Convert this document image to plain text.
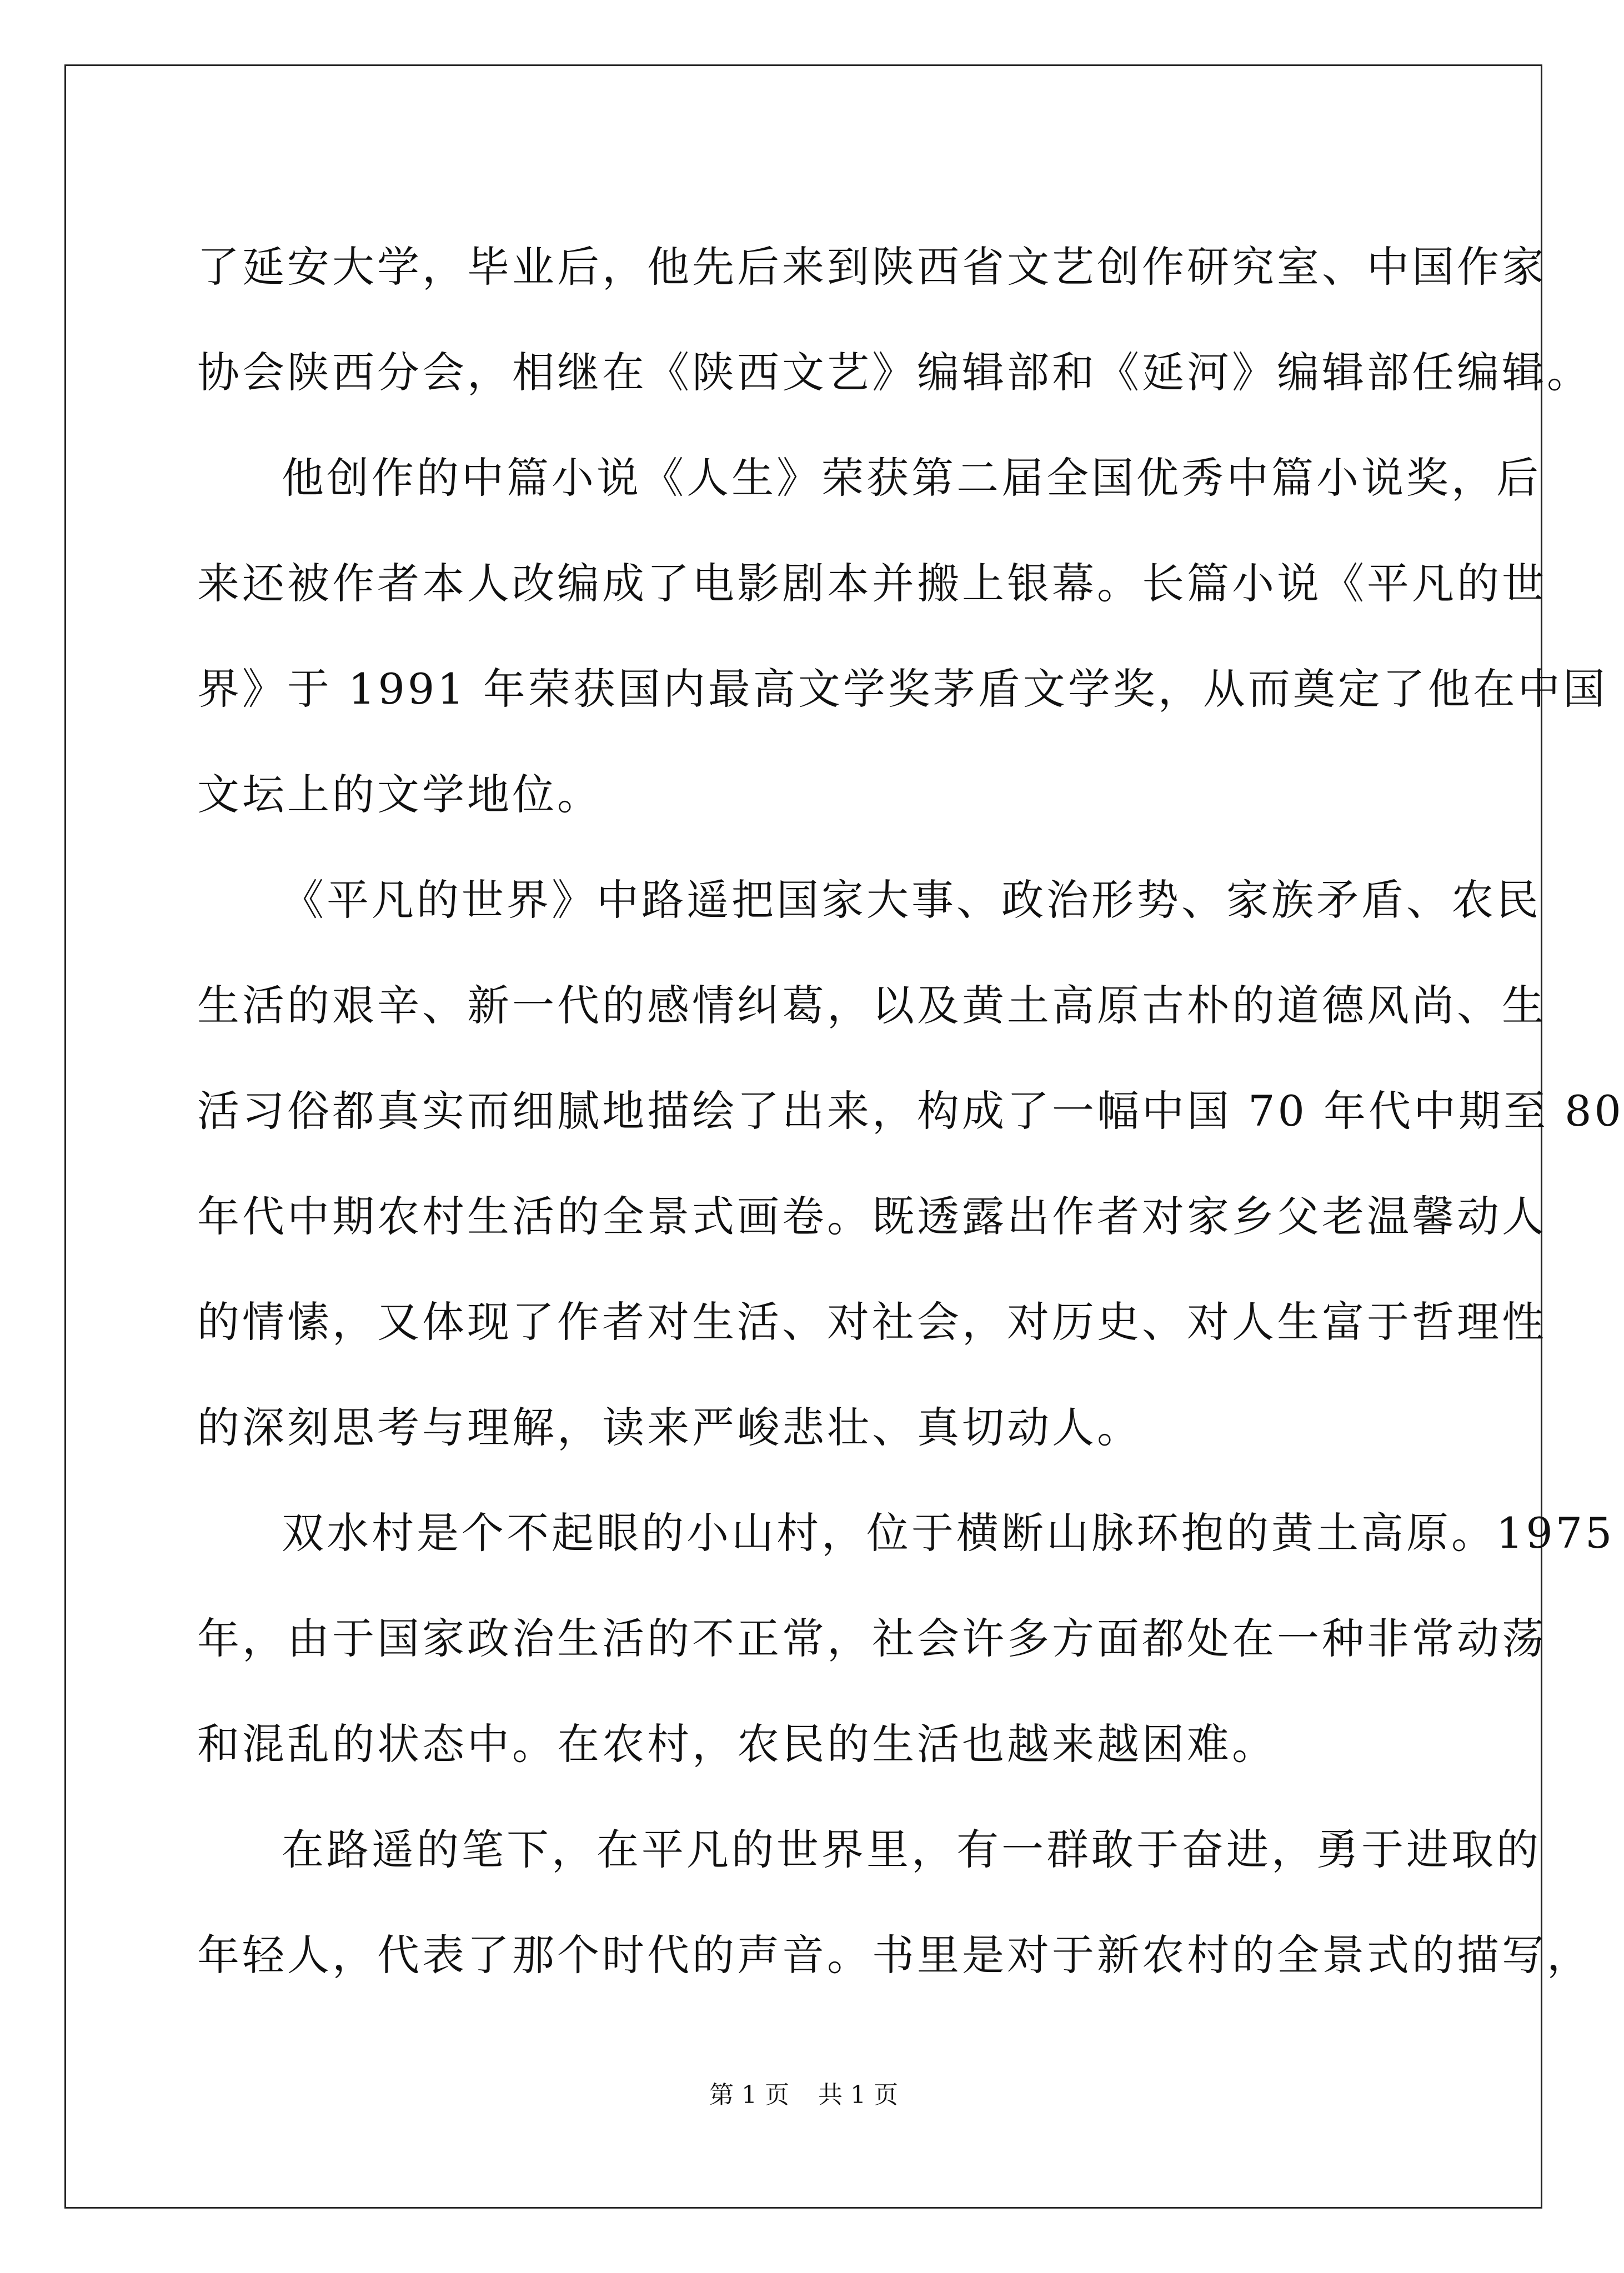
了延安大学，毕业后，他先后来到陕西省文艺创作研究室、中国作家
协会陕西分会，相继在《陕西文艺》编辑部和《延河》编辑部任编辑。
他创作的中篇小说《人生》荣获第二届全国优秀中篇小说奖，后
来还被作者本人改编成了电影剧本并搬上银幕。长篇小说《平凡的世
界》于 1991 年荣获国内最高文学奖茅盾文学奖，从而奠定了他在中国
文坛上的文学地位。
《平凡的世界》中路遥把国家大事、政治形势、家族矛盾、农民
生活的艰辛、新一代的感情纠葛，以及黄土高原古朴的道德风尚、生
活习俗都真实而细腻地描绘了出来，构成了一幅中国 70 年代中期至 80
年代中期农村生活的全景式画卷。既透露出作者对家乡父老温馨动人
的情愫，又体现了作者对生活、对社会，对历史、对人生富于哲理性
的深刻思考与理解，读来严峻悲壮、真切动人。
双水村是个不起眼的小山村，位于横断山脉环抱的黄土高原。1975
年，由于国家政治生活的不正常，社会许多方面都处在一种非常动荡
和混乱的状态中。在农村，农民的生活也越来越困难。
在路遥的笔下，在平凡的世界里，有一群敢于奋进，勇于进取的
年轻人，代表了那个时代的声音。书里是对于新农村的全景式的描写，
第 1 页 共 1 页
